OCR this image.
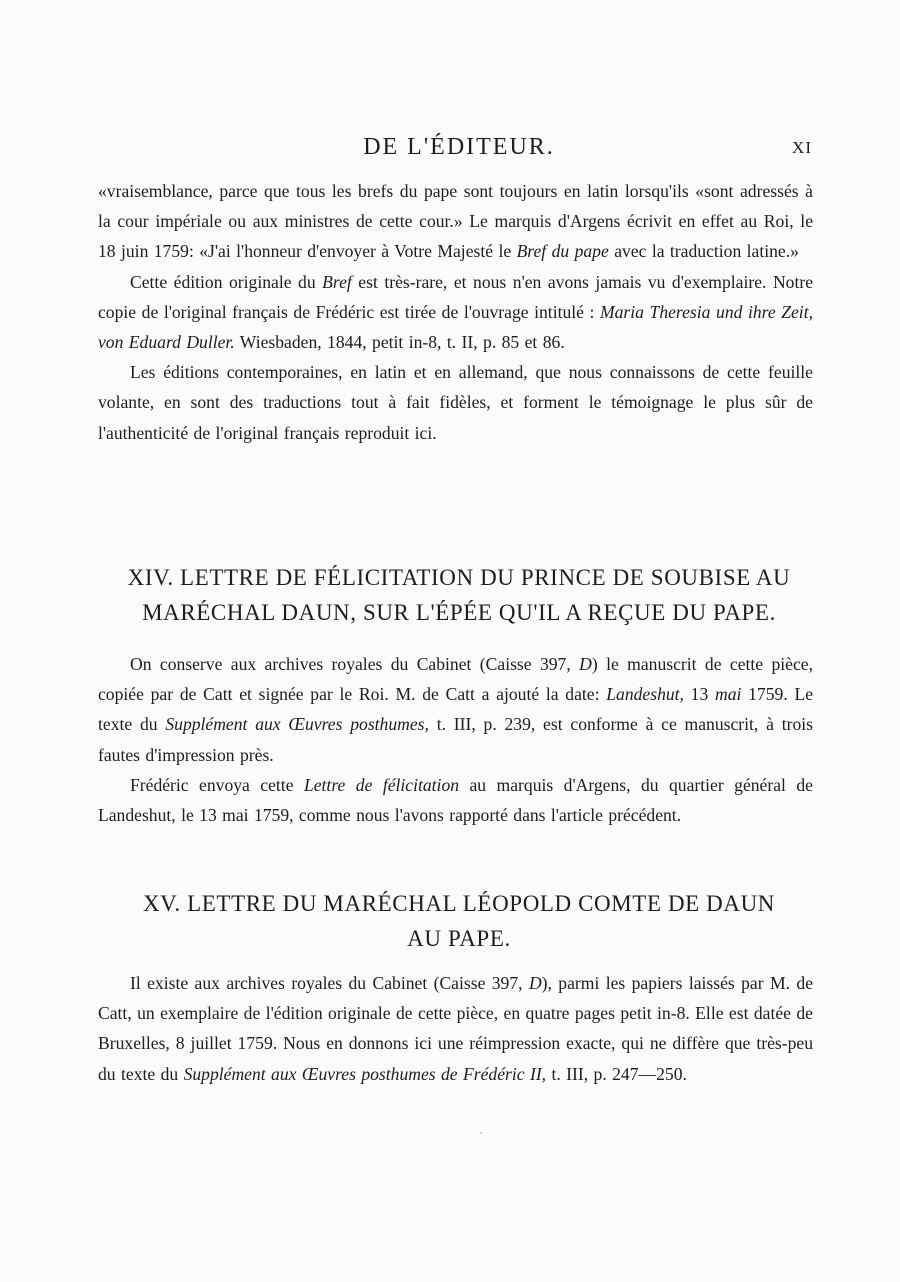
DE L'ÉDITEUR.	XI

«vraisemblance, parce que tous les brefs du pape sont toujours en latin lorsqu'ils «sont adressés à la cour impériale ou aux ministres de cette cour.» Le marquis d'Argens écrivit en effet au Roi, le 18 juin 1759: «J'ai l'honneur d'envoyer à Votre Majesté le Bref du pape avec la traduction latine.»

Cette édition originale du Bref est très-rare, et nous n'en avons jamais vu d'exemplaire. Notre copie de l'original français de Frédéric est tirée de l'ouvrage intitulé : Maria Theresia und ihre Zeit, von Eduard Duller. Wiesbaden, 1844, petit in-8, t. II, p. 85 et 86.

Les éditions contemporaines, en latin et en allemand, que nous connaissons de cette feuille volante, en sont des traductions tout à fait fidèles, et forment le témoignage le plus sûr de l'authenticité de l'original français reproduit ici.

XIV. LETTRE DE FÉLICITATION DU PRINCE DE SOUBISE AU
MARÉCHAL DAUN, SUR L'ÉPÉE QU'IL A REÇUE DU PAPE.

On conserve aux archives royales du Cabinet (Caisse 397, D) le manuscrit de cette pièce, copiée par de Catt et signée par le Roi. M. de Catt a ajouté la date: Landeshut, 13 mai 1759. Le texte du Supplément aux Œuvres posthumes, t. III, p. 239, est conforme à ce manuscrit, à trois fautes d'impression près.

Frédéric envoya cette Lettre de félicitation au marquis d'Argens, du quartier général de Landeshut, le 13 mai 1759, comme nous l'avons rapporté dans l'article précédent.

XV. LETTRE DU MARÉCHAL LÉOPOLD COMTE DE DAUN
AU PAPE.

Il existe aux archives royales du Cabinet (Caisse 397, D), parmi les papiers laissés par M. de Catt, un exemplaire de l'édition originale de cette pièce, en quatre pages petit in-8. Elle est datée de Bruxelles, 8 juillet 1759. Nous en donnons ici une réimpression exacte, qui ne diffère que très-peu du texte du Supplément aux Œuvres posthumes de Frédéric II, t. III, p. 247—250.
